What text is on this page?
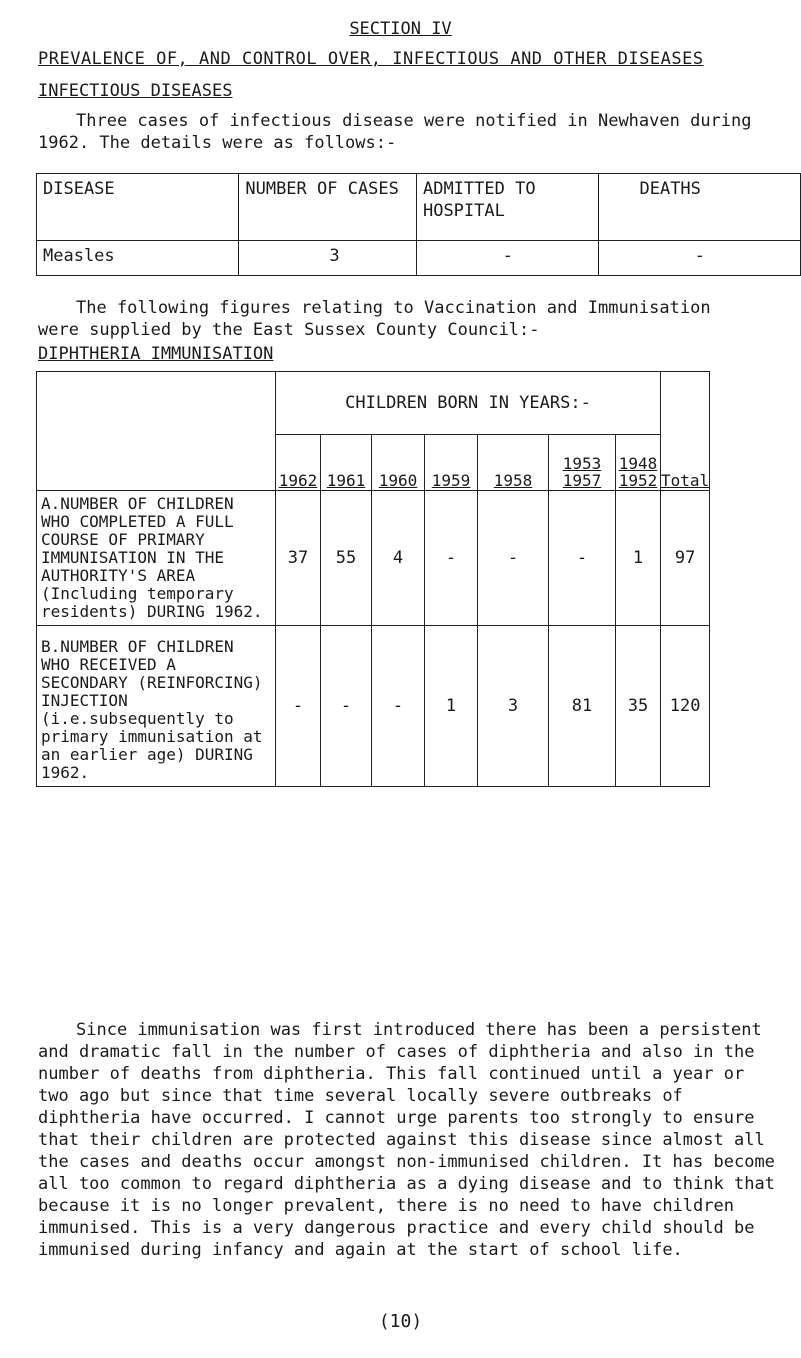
SECTION IV
PREVALENCE OF, AND CONTROL OVER, INFECTIOUS AND OTHER DISEASES
INFECTIOUS DISEASES

Three cases of infectious disease were notified in Newhaven during 1962. The details were as follows:-

DISEASE	NUMBER OF CASES	ADMITTED TO HOSPITAL	DEATHS
Measles	3	-	-

The following figures relating to Vaccination and Immunisation were supplied by the East Sussex County Council:-

DIPHTHERIA IMMUNISATION
	CHILDREN BORN IN YEARS:-							Total
	1962	1961	1960	1959	1958	1953 1957	1948 1952	
A.NUMBER OF CHILDREN WHO COMPLETED A FULL COURSE OF PRIMARY IMMUNISATION IN THE AUTHORITY'S AREA (Including temporary residents) DURING 1962.	37	55	4	-	-	-	1	97
B.NUMBER OF CHILDREN WHO RECEIVED A SECONDARY (REINFORCING) INJECTION (i.e.subsequently to primary immunisation at an earlier age) DURING 1962.	-	-	-	1	3	81	35	120

Since immunisation was first introduced there has been a persistent and dramatic fall in the number of cases of diphtheria and also in the number of deaths from diphtheria. This fall continued until a year or two ago but since that time several locally severe outbreaks of diphtheria have occurred. I cannot urge parents too strongly to ensure that their children are protected against this disease since almost all the cases and deaths occur amongst non-immunised children. It has become all too common to regard diphtheria as a dying disease and to think that because it is no longer prevalent, there is no need to have children immunised. This is a very dangerous practice and every child should be immunised during infancy and again at the start of school life.

(10)
